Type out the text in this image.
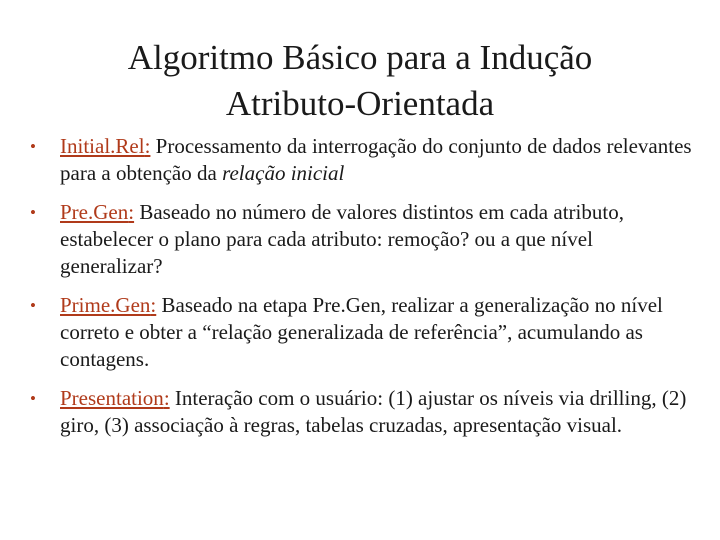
Algoritmo Básico para a Indução
Atributo-Orientada
• Initial.Rel: Processamento da interrogação do conjunto de dados relevantes para a obtenção da relação inicial
• Pre.Gen: Baseado no número de valores distintos em cada atributo, estabelecer o plano para cada atributo: remoção? ou a que nível generalizar?
• Prime.Gen: Baseado na etapa Pre.Gen, realizar a generalização no nível correto e obter a “relação generalizada de referência”, acumulando as contagens.
• Presentation: Interação com o usuário: (1) ajustar os níveis via drilling, (2) giro, (3) associação à regras, tabelas cruzadas, apresentação visual.
